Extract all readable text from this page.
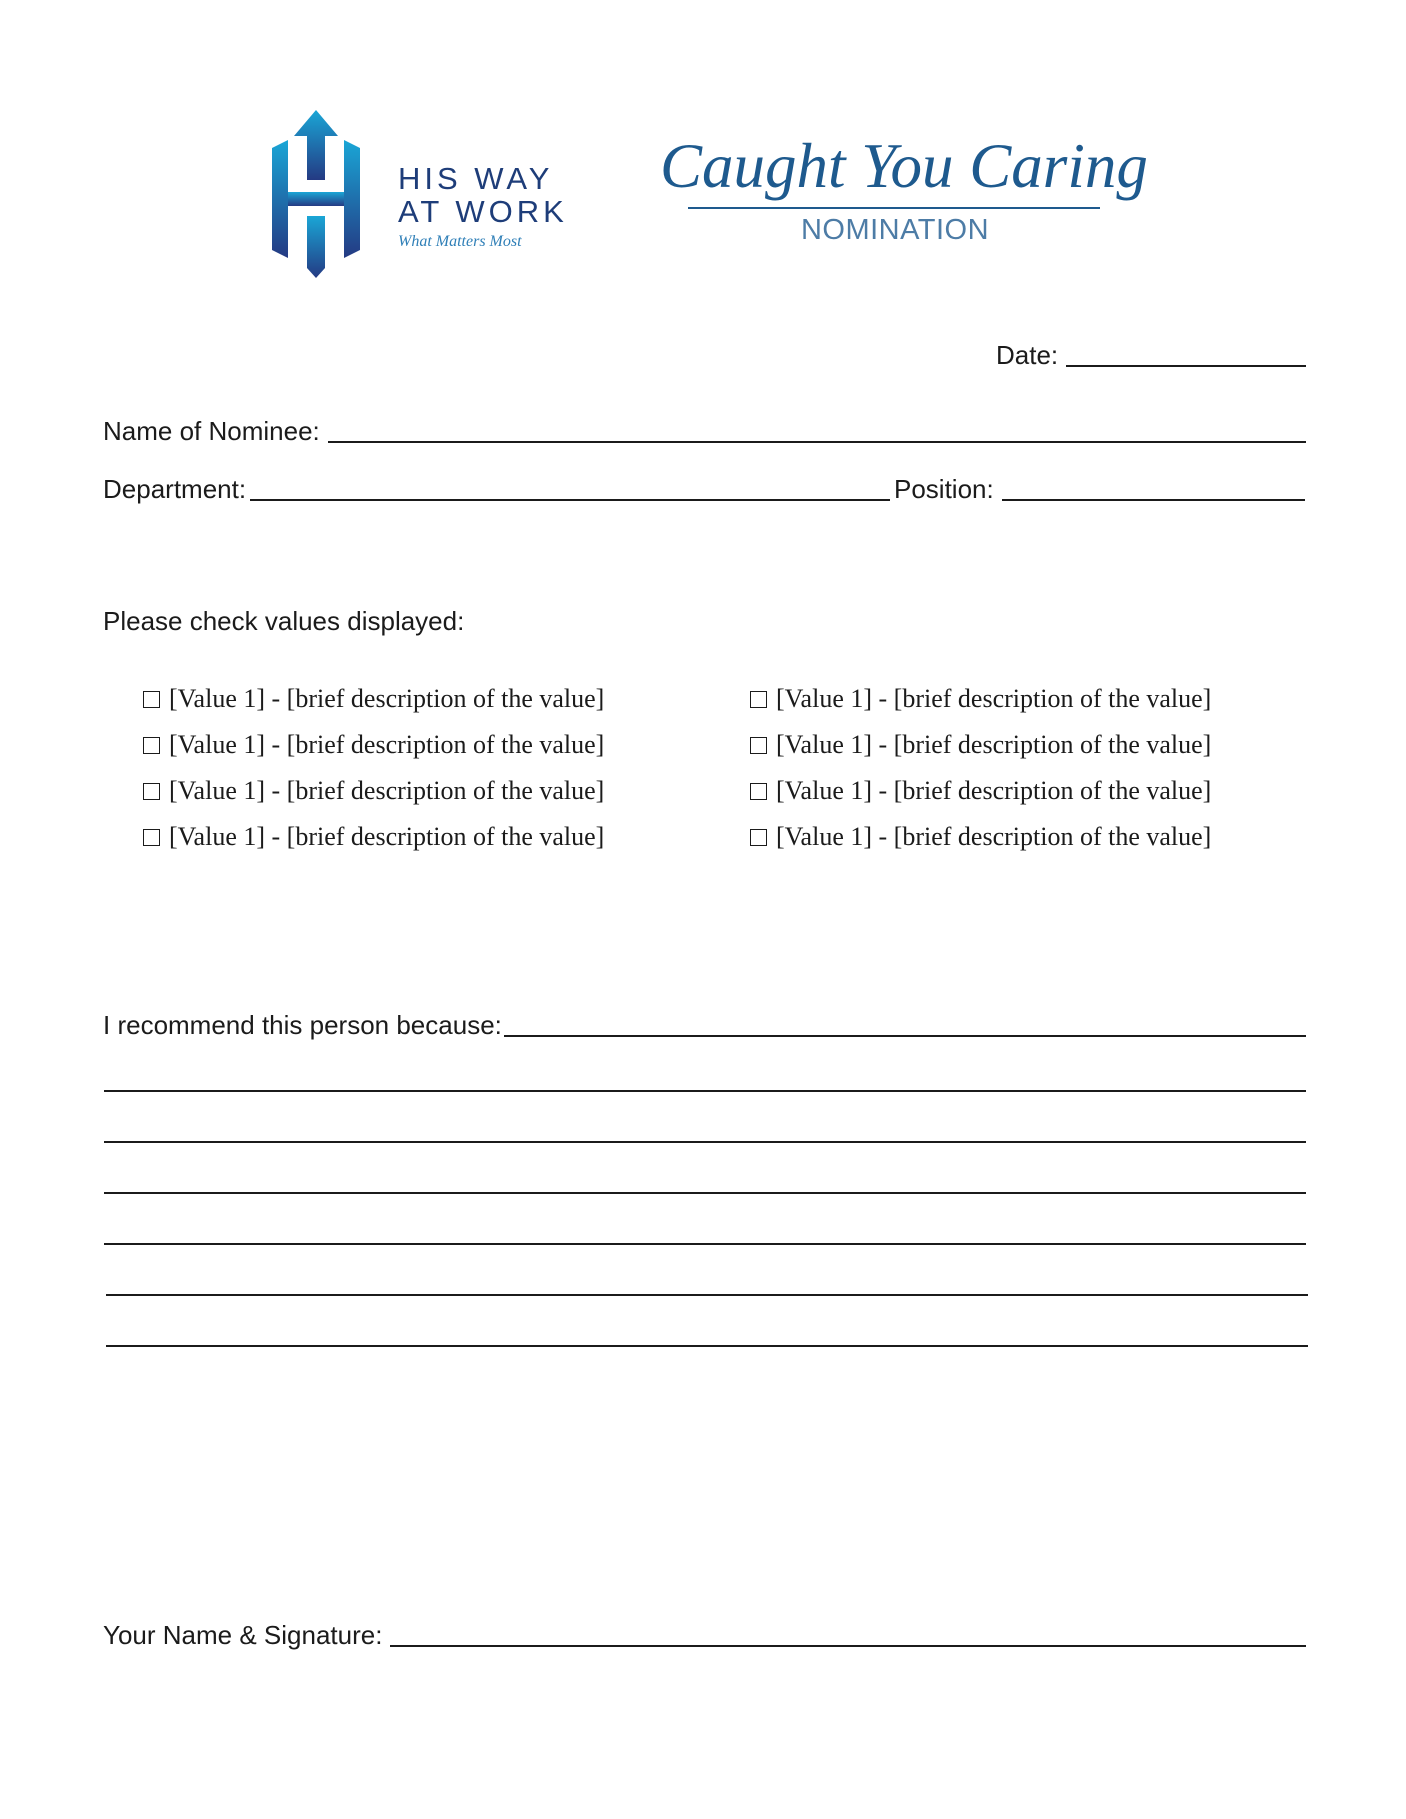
HIS WAY
AT WORK
What Matters Most
Caught You Caring
NOMINATION
Date:
Name of Nominee:
Department:	Position:
Please check values displayed:
[Value 1] - [brief description of the value]
[Value 1] - [brief description of the value]
[Value 1] - [brief description of the value]
[Value 1] - [brief description of the value]
[Value 1] - [brief description of the value]
[Value 1] - [brief description of the value]
[Value 1] - [brief description of the value]
[Value 1] - [brief description of the value]
I recommend this person because:
Your Name & Signature:
